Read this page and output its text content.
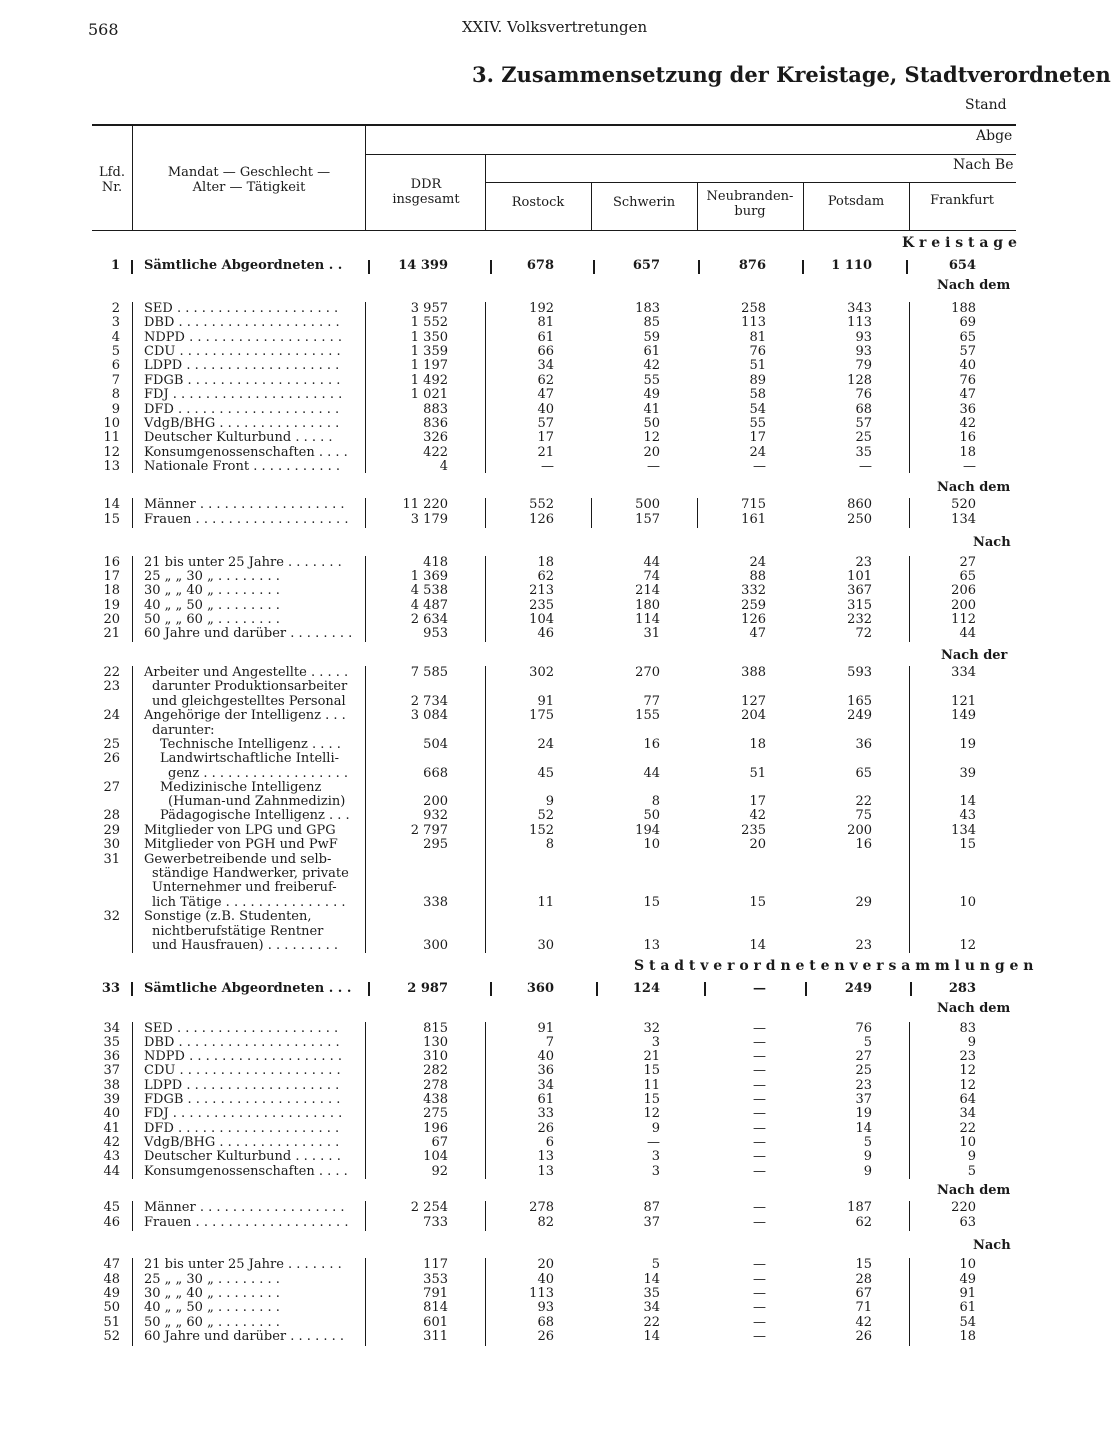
568	XXIV. Volksvertretungen
3. Zusammensetzung der Kreistage, Stadtverordneten
Stand
Lfd.
Nr.
Mandat — Geschlecht —
Alter — Tätigkeit
Abge
DDR
insgesamt
Nach Be
Rostock	Schwerin	Neubranden-
burg
Potsdam	Frankfurt
K r e i s t a g e
S t a d t v e r o r d n e t e n v e r s a m m l u n g e n
Nach dem
Nach dem
Nach
Nach der
Nach dem
Nach dem
Nach
1 Sämtliche Abgeordneten . .	14 399	678	657	876	1 110	654
2 SED . . . . . . . . . . . . . . . . . . . .	3 957	192	183	258	343	188
3 DBD . . . . . . . . . . . . . . . . . . . .	1 552	81	85	113	113	69
4 NDPD . . . . . . . . . . . . . . . . . . .	1 350	61	59	81	93	65
5 CDU . . . . . . . . . . . . . . . . . . . .	1 359	66	61	76	93	57
6 LDPD . . . . . . . . . . . . . . . . . . .	1 197	34	42	51	79	40
7 FDGB . . . . . . . . . . . . . . . . . . .	1 492	62	55	89	128	76
8 FDJ . . . . . . . . . . . . . . . . . . . . .	1 021	47	49	58	76	47
9 DFD . . . . . . . . . . . . . . . . . . . .	883	40	41	54	68	36
10 VdgB/BHG . . . . . . . . . . . . . . .	836	57	50	55	57	42
11 Deutscher Kulturbund . . . . .	326	17	12	17	25	16
12 Konsumgenossenschaften . . . .	422	21	20	24	35	18
13 Nationale Front . . . . . . . . . . .	4	—	—	—	—	—
14 Männer . . . . . . . . . . . . . . . . . .	11 220	552	500	715	860	520
15 Frauen . . . . . . . . . . . . . . . . . . .	3 179	126	157	161	250	134
16 21 bis unter 25 Jahre . . . . . . .	418	18	44	24	23	27
17 25 „ „ 30 „ . . . . . . . .	1 369	62	74	88	101	65
18 30 „ „ 40 „ . . . . . . . .	4 538	213	214	332	367	206
19 40 „ „ 50 „ . . . . . . . .	4 487	235	180	259	315	200
20 50 „ „ 60 „ . . . . . . . .	2 634	104	114	126	232	112
21 60 Jahre und darüber . . . . . . . .	953	46	31	47	72	44
22 Arbeiter und Angestellte . . . . .	7 585	302	270	388	593	334
23 darunter Produktionsarbeiter
und gleichgestelltes Personal	2 734	91	77	127	165	121
24 Angehörige der Intelligenz . . .	3 084	175	155	204	249	149
darunter:
25	Technische Intelligenz . . . .	504	24	16	18	36	19
26	Landwirtschaftliche Intelli-
genz . . . . . . . . . . . . . . . . . .	668	45	44	51	65	39
27	Medizinische Intelligenz
(Human-und Zahnmedizin)	200	9	8	17	22	14
28	Pädagogische Intelligenz . . .	932	52	50	42	75	43
29 Mitglieder von LPG und GPG	2 797	152	194	235	200	134
30 Mitglieder von PGH und PwF	295	8	10	20	16	15
31 Gewerbetreibende und selb-
ständige Handwerker, private
Unternehmer und freiberuf-
lich Tätige . . . . . . . . . . . . . . .	338	11	15	15	29	10
32 Sonstige (z.B. Studenten,
nichtberufstätige Rentner
und Hausfrauen) . . . . . . . . .	300	30	13	14	23	12
33 Sämtliche Abgeordneten . . .	2 987	360	124	—	249	283
34 SED . . . . . . . . . . . . . . . . . . . .	815	91	32	—	76	83
35 DBD . . . . . . . . . . . . . . . . . . . .	130	7	3	—	5	9
36 NDPD . . . . . . . . . . . . . . . . . . .	310	40	21	—	27	23
37 CDU . . . . . . . . . . . . . . . . . . . .	282	36	15	—	25	12
38 LDPD . . . . . . . . . . . . . . . . . . .	278	34	11	—	23	12
39 FDGB . . . . . . . . . . . . . . . . . . .	438	61	15	—	37	64
40 FDJ . . . . . . . . . . . . . . . . . . . . .	275	33	12	—	19	34
41 DFD . . . . . . . . . . . . . . . . . . . .	196	26	9	—	14	22
42 VdgB/BHG . . . . . . . . . . . . . . .	67	6	—	—	5	10
43 Deutscher Kulturbund . . . . . .	104	13	3	—	9	9
44 Konsumgenossenschaften . . . .	92	13	3	—	9	5
45 Männer . . . . . . . . . . . . . . . . . .	2 254	278	87	—	187	220
46 Frauen . . . . . . . . . . . . . . . . . . .	733	82	37	—	62	63
47 21 bis unter 25 Jahre . . . . . . .	117	20	5	—	15	10
48 25 „ „ 30 „ . . . . . . . .	353	40	14	—	28	49
49 30 „ „ 40 „ . . . . . . . .	791	113	35	—	67	91
50 40 „ „ 50 „ . . . . . . . .	814	93	34	—	71	61
51 50 „ „ 60 „ . . . . . . . .	601	68	22	—	42	54
52 60 Jahre und darüber . . . . . . .	311	26	14	—	26	18
